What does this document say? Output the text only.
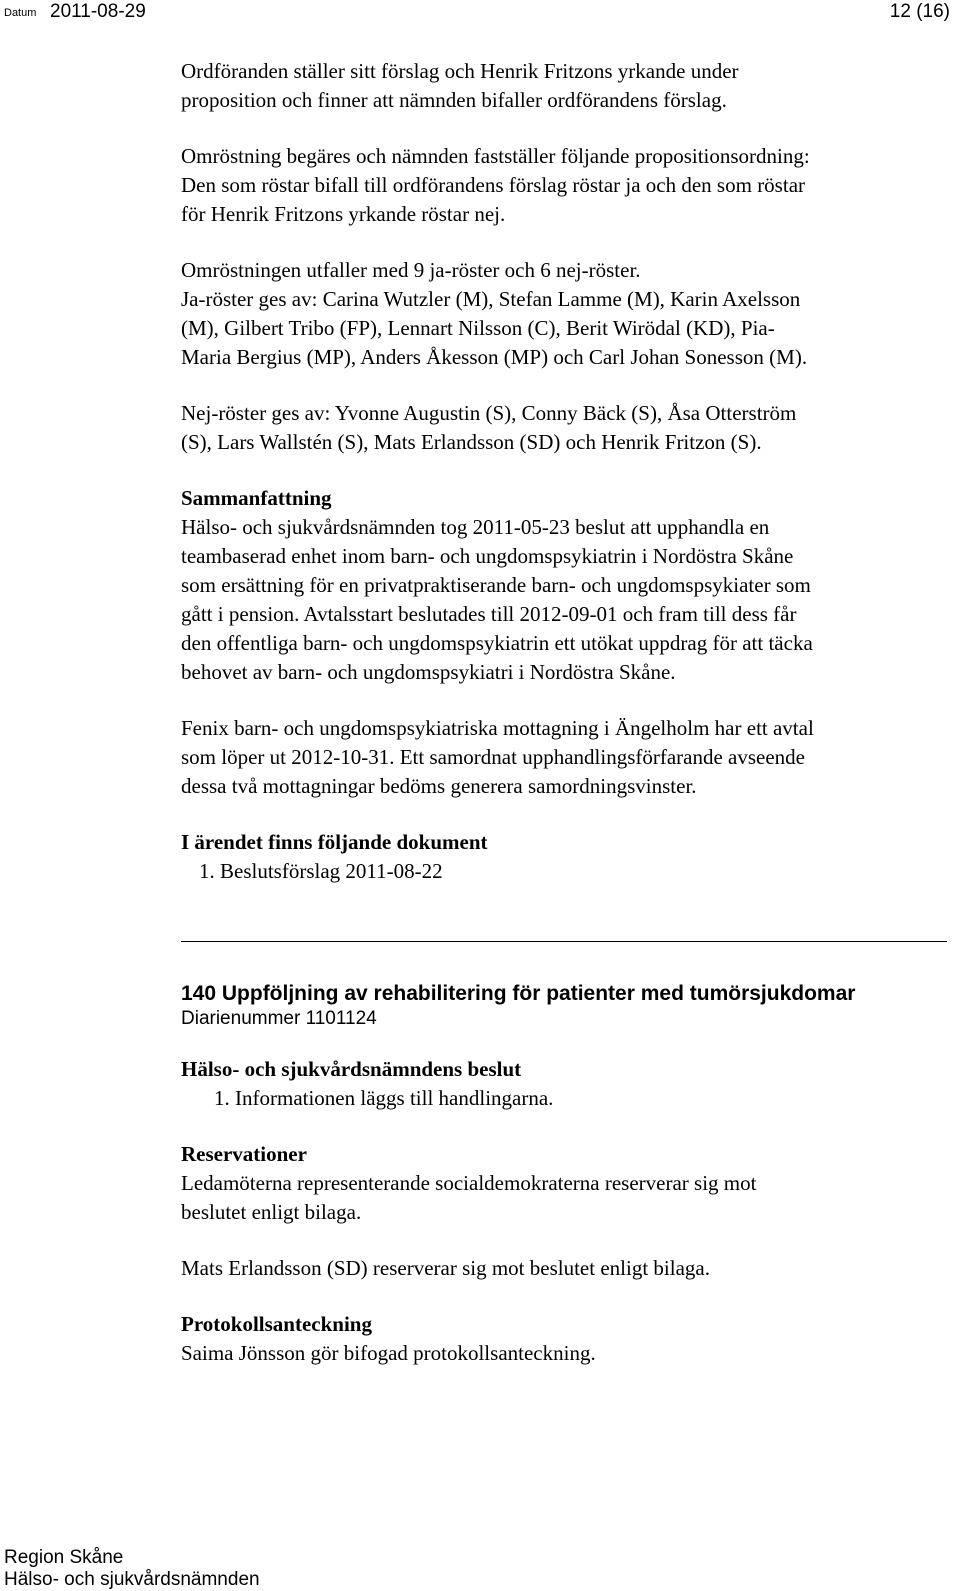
Datum 2011-08-29	12 (16)

Ordföranden ställer sitt förslag och Henrik Fritzons yrkande under
proposition och finner att nämnden bifaller ordförandens förslag.

Omröstning begäres och nämnden fastställer följande propositionsordning:
Den som röstar bifall till ordförandens förslag röstar ja och den som röstar
för Henrik Fritzons yrkande röstar nej.

Omröstningen utfaller med 9 ja-röster och 6 nej-röster.
Ja-röster ges av: Carina Wutzler (M), Stefan Lamme (M), Karin Axelsson
(M), Gilbert Tribo (FP), Lennart Nilsson (C), Berit Wirödal (KD), Pia-
Maria Bergius (MP), Anders Åkesson (MP) och Carl Johan Sonesson (M).

Nej-röster ges av: Yvonne Augustin (S), Conny Bäck (S), Åsa Otterström
(S), Lars Wallstén (S), Mats Erlandsson (SD) och Henrik Fritzon (S).

Sammanfattning

Hälso- och sjukvårdsnämnden tog 2011-05-23 beslut att upphandla en
teambaserad enhet inom barn- och ungdomspsykiatrin i Nordöstra Skåne
som ersättning för en privatpraktiserande barn- och ungdomspsykiater som
gått i pension. Avtalsstart beslutades till 2012-09-01 och fram till dess får
den offentliga barn- och ungdomspsykiatrin ett utökat uppdrag för att täcka
behovet av barn- och ungdomspsykiatri i Nordöstra Skåne.

Fenix barn- och ungdomspsykiatriska mottagning i Ängelholm har ett avtal
som löper ut 2012-10-31. Ett samordnat upphandlingsförfarande avseende
dessa två mottagningar bedöms generera samordningsvinster.

I ärendet finns följande dokument

1. Beslutsförslag 2011-08-22

140 Uppföljning av rehabilitering för patienter med tumörsjukdomar
Diarienummer 1101124

Hälso- och sjukvårdsnämndens beslut

1. Informationen läggs till handlingarna.

Reservationer

Ledamöterna representerande socialdemokraterna reserverar sig mot
beslutet enligt bilaga.

Mats Erlandsson (SD) reserverar sig mot beslutet enligt bilaga.

Protokollsanteckning

Saima Jönsson gör bifogad protokollsanteckning.

Region Skåne
Hälso- och sjukvårdsnämnden
